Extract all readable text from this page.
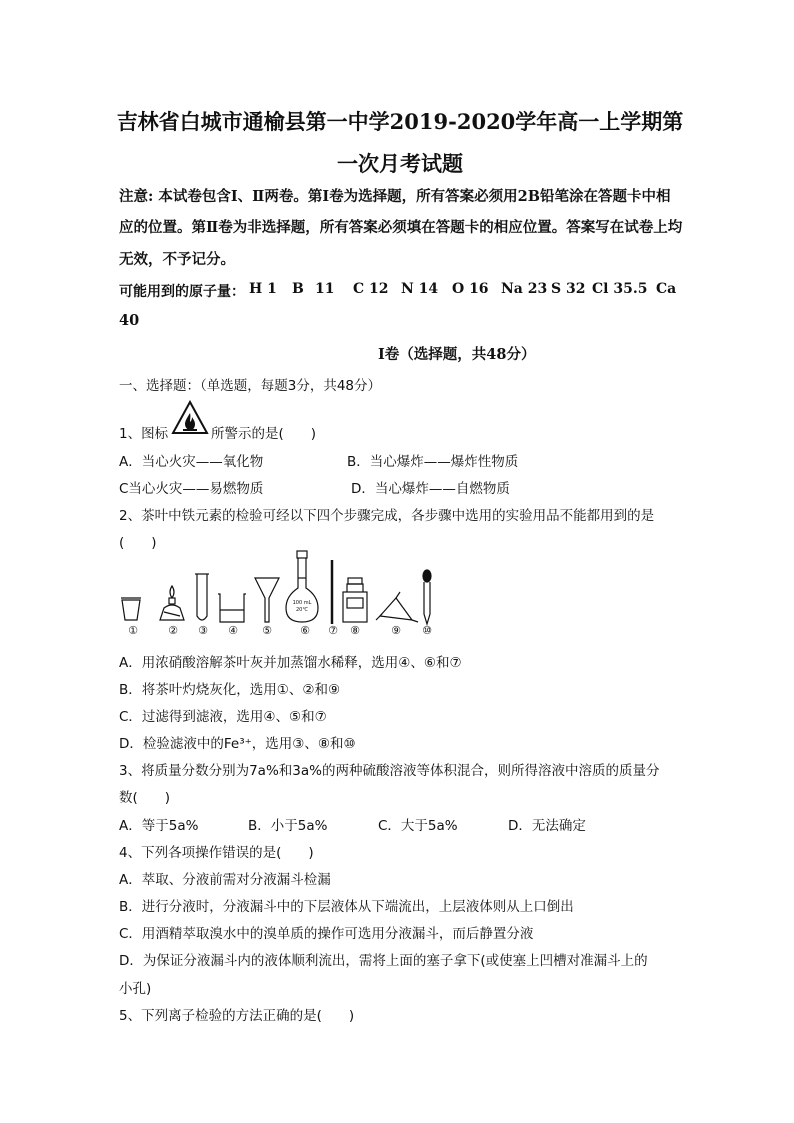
吉林省白城市通榆县第一中学2019-2020学年高一上学期第
一次月考试题
注意: 本试卷包含Ⅰ、Ⅱ两卷。第Ⅰ卷为选择题，所有答案必须用2B铅笔涂在答题卡中相
应的位置。第Ⅱ卷为非选择题，所有答案必须填在答题卡的相应位置。答案写在试卷上均
无效，不予记分。
可能用到的原子量： H 1 B 11 C 12 N 14 O 16 Na 23 S 32 Cl 35.5 Ca
40
I卷（选择题，共48分）
一、选择题：（单选题，每题3分，共48分）
1、图标	所警示的是(　　)
A．当心火灾——氧化物	B．当心爆炸——爆炸性物质
C当心火灾——易燃物质	D．当心爆炸——自燃物质
2、茶叶中铁元素的检验可经以下四个步骤完成，各步骤中选用的实验用品不能都用到的是
(　　)
100 mL
20℃
①	②	③	④	⑤	⑥	⑦	⑧	⑨	⑩
A．用浓硝酸溶解茶叶灰并加蒸馏水稀释，选用④、⑥和⑦
B．将茶叶灼烧灰化，选用①、②和⑨
C．过滤得到滤液，选用④、⑤和⑦
D．检验滤液中的Fe³⁺，选用③、⑧和⑩
3、将质量分数分别为7a%和3a%的两种硫酸溶液等体积混合，则所得溶液中溶质的质量分
数(　　)
A．等于5a%	B．小于5a%	C．大于5a%	D．无法确定
4、下列各项操作错误的是(　　)
A．萃取、分液前需对分液漏斗检漏
B．进行分液时，分液漏斗中的下层液体从下端流出，上层液体则从上口倒出
C．用酒精萃取溴水中的溴单质的操作可选用分液漏斗，而后静置分液
D．为保证分液漏斗内的液体顺利流出，需将上面的塞子拿下(或使塞上凹槽对准漏斗上的
小孔)
5、下列离子检验的方法正确的是(　　)
